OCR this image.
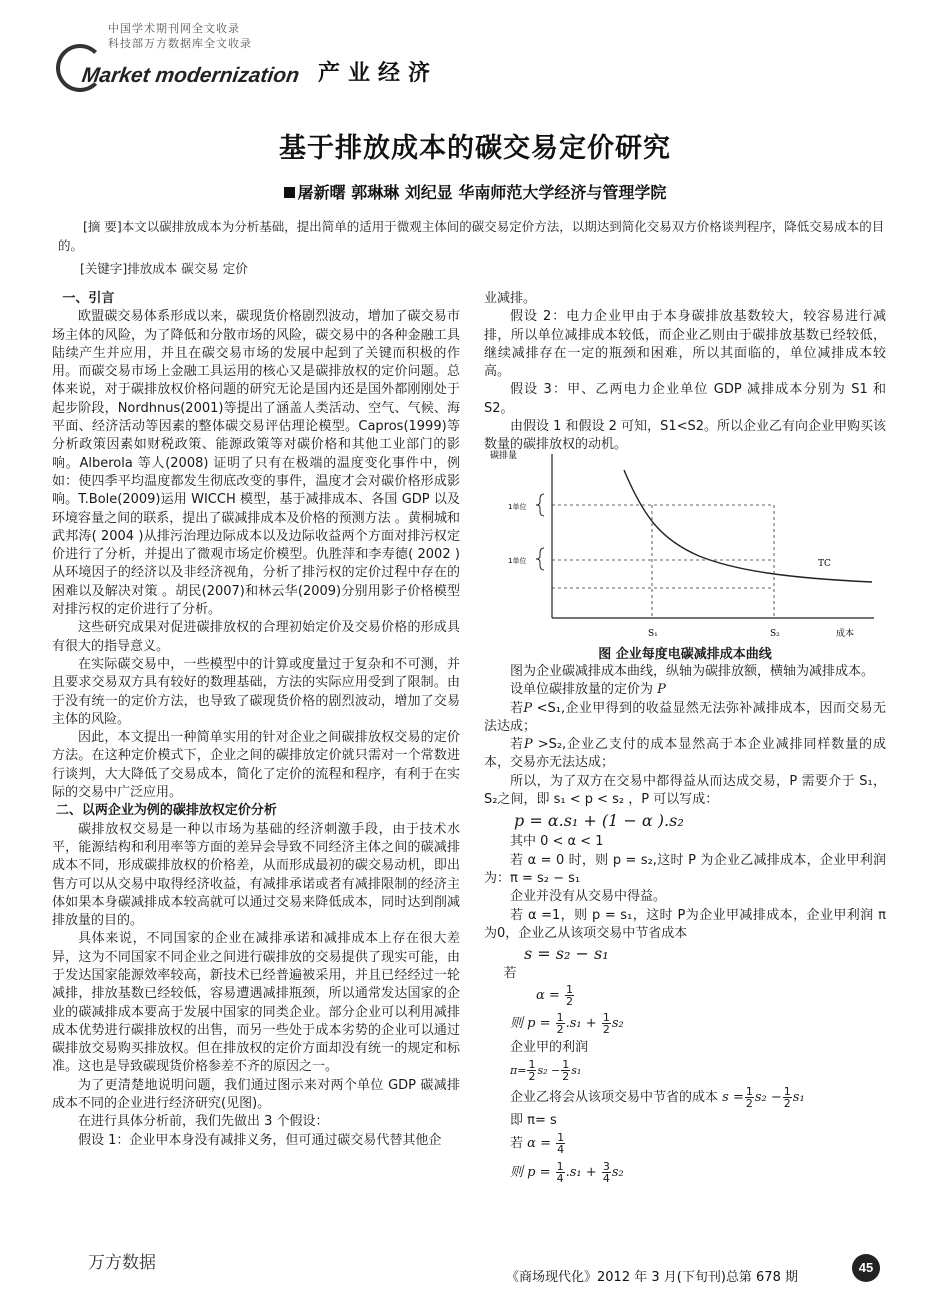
中国学术期刊网全文收录
科技部万方数据库全文收录
Market modernization 产业经济
基于排放成本的碳交易定价研究
屠新曙 郭琳琳 刘纪显 华南师范大学经济与管理学院

[摘 要]本文以碳排放成本为分析基础，提出简单的适用于微观主体间的碳交易定价方法，以期达到简化交易双方价格谈判程序，降低交易成本的目的。

[关键字]排放成本 碳交易 定价

一、引言

欧盟碳交易体系形成以来，碳现货价格剧烈波动，增加了碳交易市场主体的风险，为了降低和分散市场的风险，碳交易中的各种金融工具陆续产生并应用，并且在碳交易市场的发展中起到了关键而积极的作用。而碳交易市场上金融工具运用的核心又是碳排放权的定价问题。总体来说，对于碳排放权价格问题的研究无论是国内还是国外都刚刚处于起步阶段，Nordhnus(2001)等提出了涵盖人类活动、空气、气候、海平面、经济活动等因素的整体碳交易评估理论模型。Capros(1999)等分析政策因素如财税政策、能源政策等对碳价格和其他工业部门的影响。Alberola 等人(2008) 证明了只有在极端的温度变化事件中，例如：使四季平均温度都发生彻底改变的事件，温度才会对碳价格形成影响。T.Bole(2009)运用 WICCH 模型，基于减排成本、各国 GDP 以及环境容量之间的联系，提出了碳减排成本及价格的预测方法 。黄桐城和武邦涛( 2004 )从排污治理边际成本以及边际收益两个方面对排污权定价进行了分析，并提出了微观市场定价模型。仇胜萍和李寿德( 2002 )从环境因子的经济以及非经济视角，分析了排污权的定价过程中存在的困难以及解决对策 。胡民(2007)和林云华(2009)分别用影子价格模型对排污权的定价进行了分析。

这些研究成果对促进碳排放权的合理初始定价及交易价格的形成具有很大的指导意义。

在实际碳交易中，一些模型中的计算或度量过于复杂和不可测，并且要求交易双方具有较好的数理基础，方法的实际应用受到了限制。由于没有统一的定价方法，也导致了碳现货价格的剧烈波动，增加了交易主体的风险。

因此，本文提出一种简单实用的针对企业之间碳排放权交易的定价方法。在这种定价模式下，企业之间的碳排放定价就只需对一个常数进行谈判，大大降低了交易成本，简化了定价的流程和程序，有利于在实际的交易中广泛应用。

二、以两企业为例的碳排放权定价分析

碳排放权交易是一种以市场为基础的经济刺激手段，由于技术水平，能源结构和利用率等方面的差异会导致不同经济主体之间的碳减排成本不同，形成碳排放权的价格差，从而形成最初的碳交易动机，即出售方可以从交易中取得经济收益，有减排承诺或者有减排限制的经济主体如果本身碳减排成本较高就可以通过交易来降低成本，同时达到削减排放量的目的。

具体来说，不同国家的企业在减排承诺和减排成本上存在很大差异，这为不同国家不同企业之间进行碳排放的交易提供了现实可能，由于发达国家能源效率较高，新技术已经普遍被采用，并且已经经过一轮减排，排放基数已经较低，容易遭遇减排瓶颈，所以通常发达国家的企业的碳减排成本要高于发展中国家的同类企业。部分企业可以利用减排成本优势进行碳排放权的出售，而另一些处于成本劣势的企业可以通过碳排放交易购买排放权。但在排放权的定价方面却没有统一的规定和标准。这也是导致碳现货价格参差不齐的原因之一。

为了更清楚地说明问题，我们通过图示来对两个单位 GDP 碳减排成本不同的企业进行经济研究(见图)。

在进行具体分析前，我们先做出 3 个假设：

假设 1：企业甲本身没有减排义务，但可通过碳交易代替其他企

业减排。

假设 2：电力企业甲由于本身碳排放基数较大，较容易进行减排，所以单位减排成本较低，而企业乙则由于碳排放基数已经较低，继续减排存在一定的瓶颈和困难，所以其面临的，单位减排成本较高。

假设 3：甲、乙两电力企业单位 GDP 减排成本分别为 S1 和 S2。

由假设 1 和假设 2 可知，S1<S2。所以企业乙有向企业甲购买该数量的碳排放权的动机。

碳排量
TC
1单位
1单位
S₁	S₂	成本
图 企业每度电碳减排成本曲线

图为企业碳减排成本曲线，纵轴为碳排放额，横轴为减排成本。

设单位碳排放量的定价为 P

若P <S₁,企业甲得到的收益显然无法弥补减排成本，因而交易无法达成；

若P >S₂,企业乙支付的成本显然高于本企业减排同样数量的成本，交易亦无法达成；

所以，为了双方在交易中都得益从而达成交易，P 需要介于 S₁，S₂之间，即 s₁ < p < s₂ ，P 可以写成：

p = α.s₁ + (1 − α ).s₂

其中 0 < α < 1

若 α = 0 时，则 p = s₂,这时 P 为企业乙减排成本，企业甲利润为：π = s₂ − s₁

企业并没有从交易中得益。

若 α =1，则 p = s₁，这时 P为企业甲减排成本，企业甲利润 π 为0，企业乙从该项交易中节省成本

s = s₂ − s₁

若

$\alpha = \frac{1}{2}$

则 $p = \frac{1}{2} .s_1 + \frac{1}{2} s_2$

企业甲的利润

$\pi= \frac{1}{2} s_2 - \frac{1}{2} s_1$

企业乙将会从该项交易中节省的成本 $s = \frac{1}{2} s_2 - \frac{1}{2} s_1$

即 π= s

若 $\alpha = \frac{1}{4}$

则 $p = \frac{1}{4} .s_1 + \frac{3}{4} s_2$

万方数据
《商场现代化》2012 年 3 月(下旬刊)总第 678 期
45
